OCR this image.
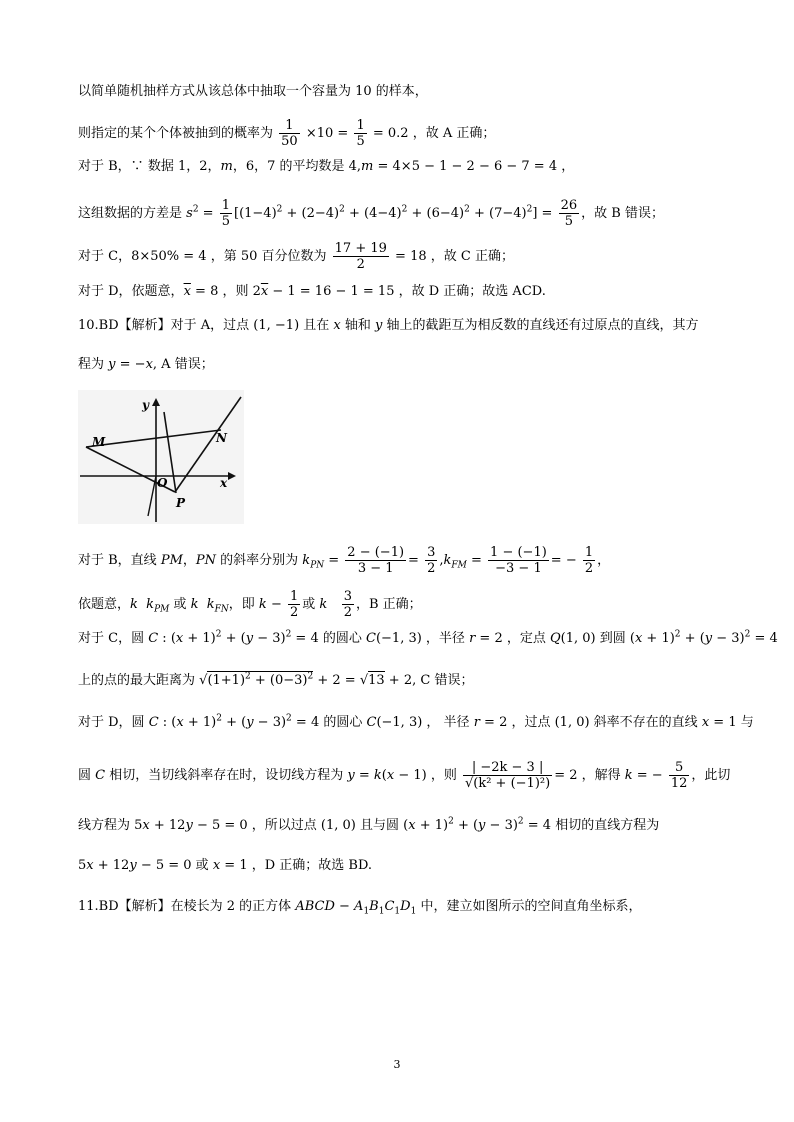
以简单随机抽样方式从该总体中抽取一个容量为 10 的样本，
则指定的某个个体被抽到的概率为 $\frac{1}{50} \times 10 = \frac{1}{5} = 0.2$ ，故 A 正确；
对于 B，∵ 数据 1，2，m，6，7 的平均数是 4,m = 4×5 − 1 − 2 − 6 − 7 = 4 ，
这组数据的方差是 $s^2 = \frac{1}{5} [(1-4)^2 + (2-4)^2 + (4-4)^2 + (6-4)^2 + (7-4)^2] = \frac{26}{5}$ ，故 B 错误；
对于 C，8×50% = 4 ，第 50 百分位数为 $\frac{17 + 19}{2} = 18$ ，故 C 正确；
对于 D，依题意，$\overline{x} = 8$ ，则 $2\overline{x} - 1 = 16 - 1 = 15$ ，故 D 正确；故选 ACD.
10.BD【解析】对于 A，过点 (1, −1) 且在 x 轴和 y 轴上的截距互为相反数的直线还有过原点的直线，其方
程为 y = −x, A 错误；
y
x
M	N
O
P
对于 B，直线 PM，PN 的斜率分别为 $k_{PN} = \frac{2 - (-1)}{3 - 1} = \frac{3}{2} ,k_{FM} = \frac{1 - (-1)}{-3 - 1}$ = − $\frac{1}{2}$ ，
依题意，k $k_{PM}$ 或 k $k_{FN}$，即 $k - \frac{1}{2}$ 或 k $\frac{3}{2}$ ，B 正确；
对于 C，圆 C : $(x + 1)^2 + (y - 3)^2 = 4$ 的圆心 C(−1, 3) ，半径 r = 2 ，定点 Q(1, 0) 到圆 $(x + 1)^2 + (y - 3)^2 = 4$
上的点的最大距离为 $√(1+1)^2 + (0-3)^2 + 2 = √13 + 2$, C 错误；
对于 D，圆 C : $(x + 1)^2 + (y - 3)^2 = 4$ 的圆心 C(−1, 3) ， 半径 r = 2 ，过点 (1, 0) 斜率不存在的直线 x = 1 与
圆 C 相切，当切线斜率存在时，设切线方程为 y = k(x − 1) ，则 $\frac{| -2k - 3 |}{\text{√(k² + (−1)²)}} = 2$ ，解得 k = − $\frac{5}{12}$ ，此切
线方程为 5x + 12y − 5 = 0 ，所以过点 (1, 0) 且与圆 $(x + 1)^2 + (y - 3)^2 = 4$ 相切的直线方程为
5x + 12y − 5 = 0 或 x = 1 ，D 正确；故选 BD.
11.BD【解析】在棱长为 2 的正方体 ABCD − $A_1B_1C_1D_1$ 中，建立如图所示的空间直角坐标系，
3
